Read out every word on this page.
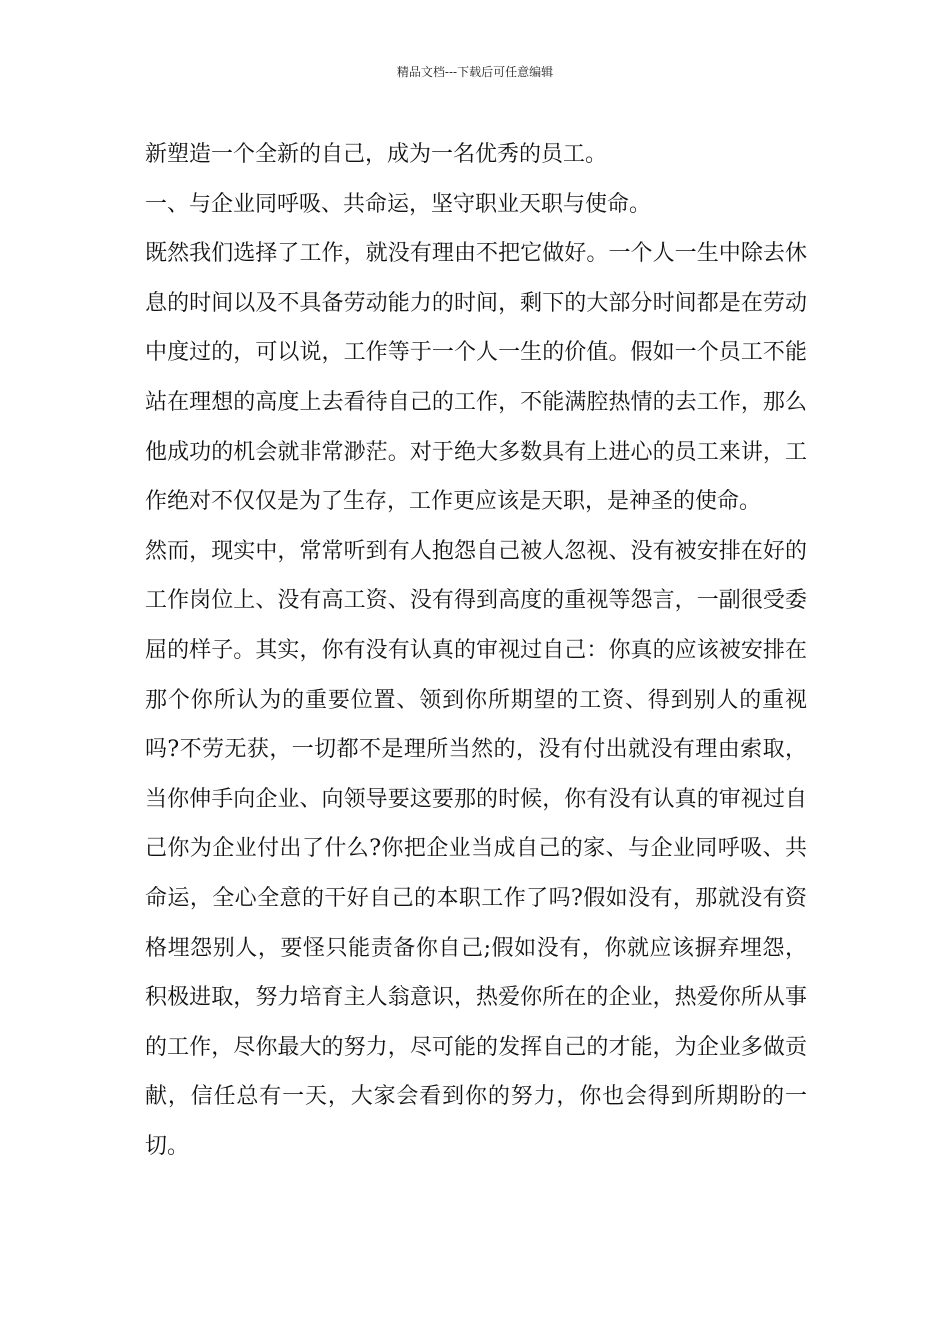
精品文档---下载后可任意编辑

新塑造一个全新的自己，成为一名优秀的员工。

一、与企业同呼吸、共命运，坚守职业天职与使命。

既然我们选择了工作，就没有理由不把它做好。一个人一生中除去休息的时间以及不具备劳动能力的时间，剩下的大部分时间都是在劳动中度过的，可以说，工作等于一个人一生的价值。假如一个员工不能站在理想的高度上去看待自己的工作，不能满腔热情的去工作，那么他成功的机会就非常渺茫。对于绝大多数具有上进心的员工来讲，工作绝对不仅仅是为了生存，工作更应该是天职，是神圣的使命。

然而，现实中，常常听到有人抱怨自己被人忽视、没有被安排在好的工作岗位上、没有高工资、没有得到高度的重视等怨言，一副很受委屈的样子。其实，你有没有认真的审视过自己：你真的应该被安排在那个你所认为的重要位置、领到你所期望的工资、得到别人的重视吗?不劳无获，一切都不是理所当然的，没有付出就没有理由索取，当你伸手向企业、向领导要这要那的时候，你有没有认真的审视过自己你为企业付出了什么?你把企业当成自己的家、与企业同呼吸、共命运，全心全意的干好自己的本职工作了吗?假如没有，那就没有资格埋怨别人，要怪只能责备你自己;假如没有，你就应该摒弃埋怨，积极进取，努力培育主人翁意识，热爱你所在的企业，热爱你所从事的工作，尽你最大的努力，尽可能的发挥自己的才能，为企业多做贡献，信任总有一天，大家会看到你的努力，你也会得到所期盼的一切。
